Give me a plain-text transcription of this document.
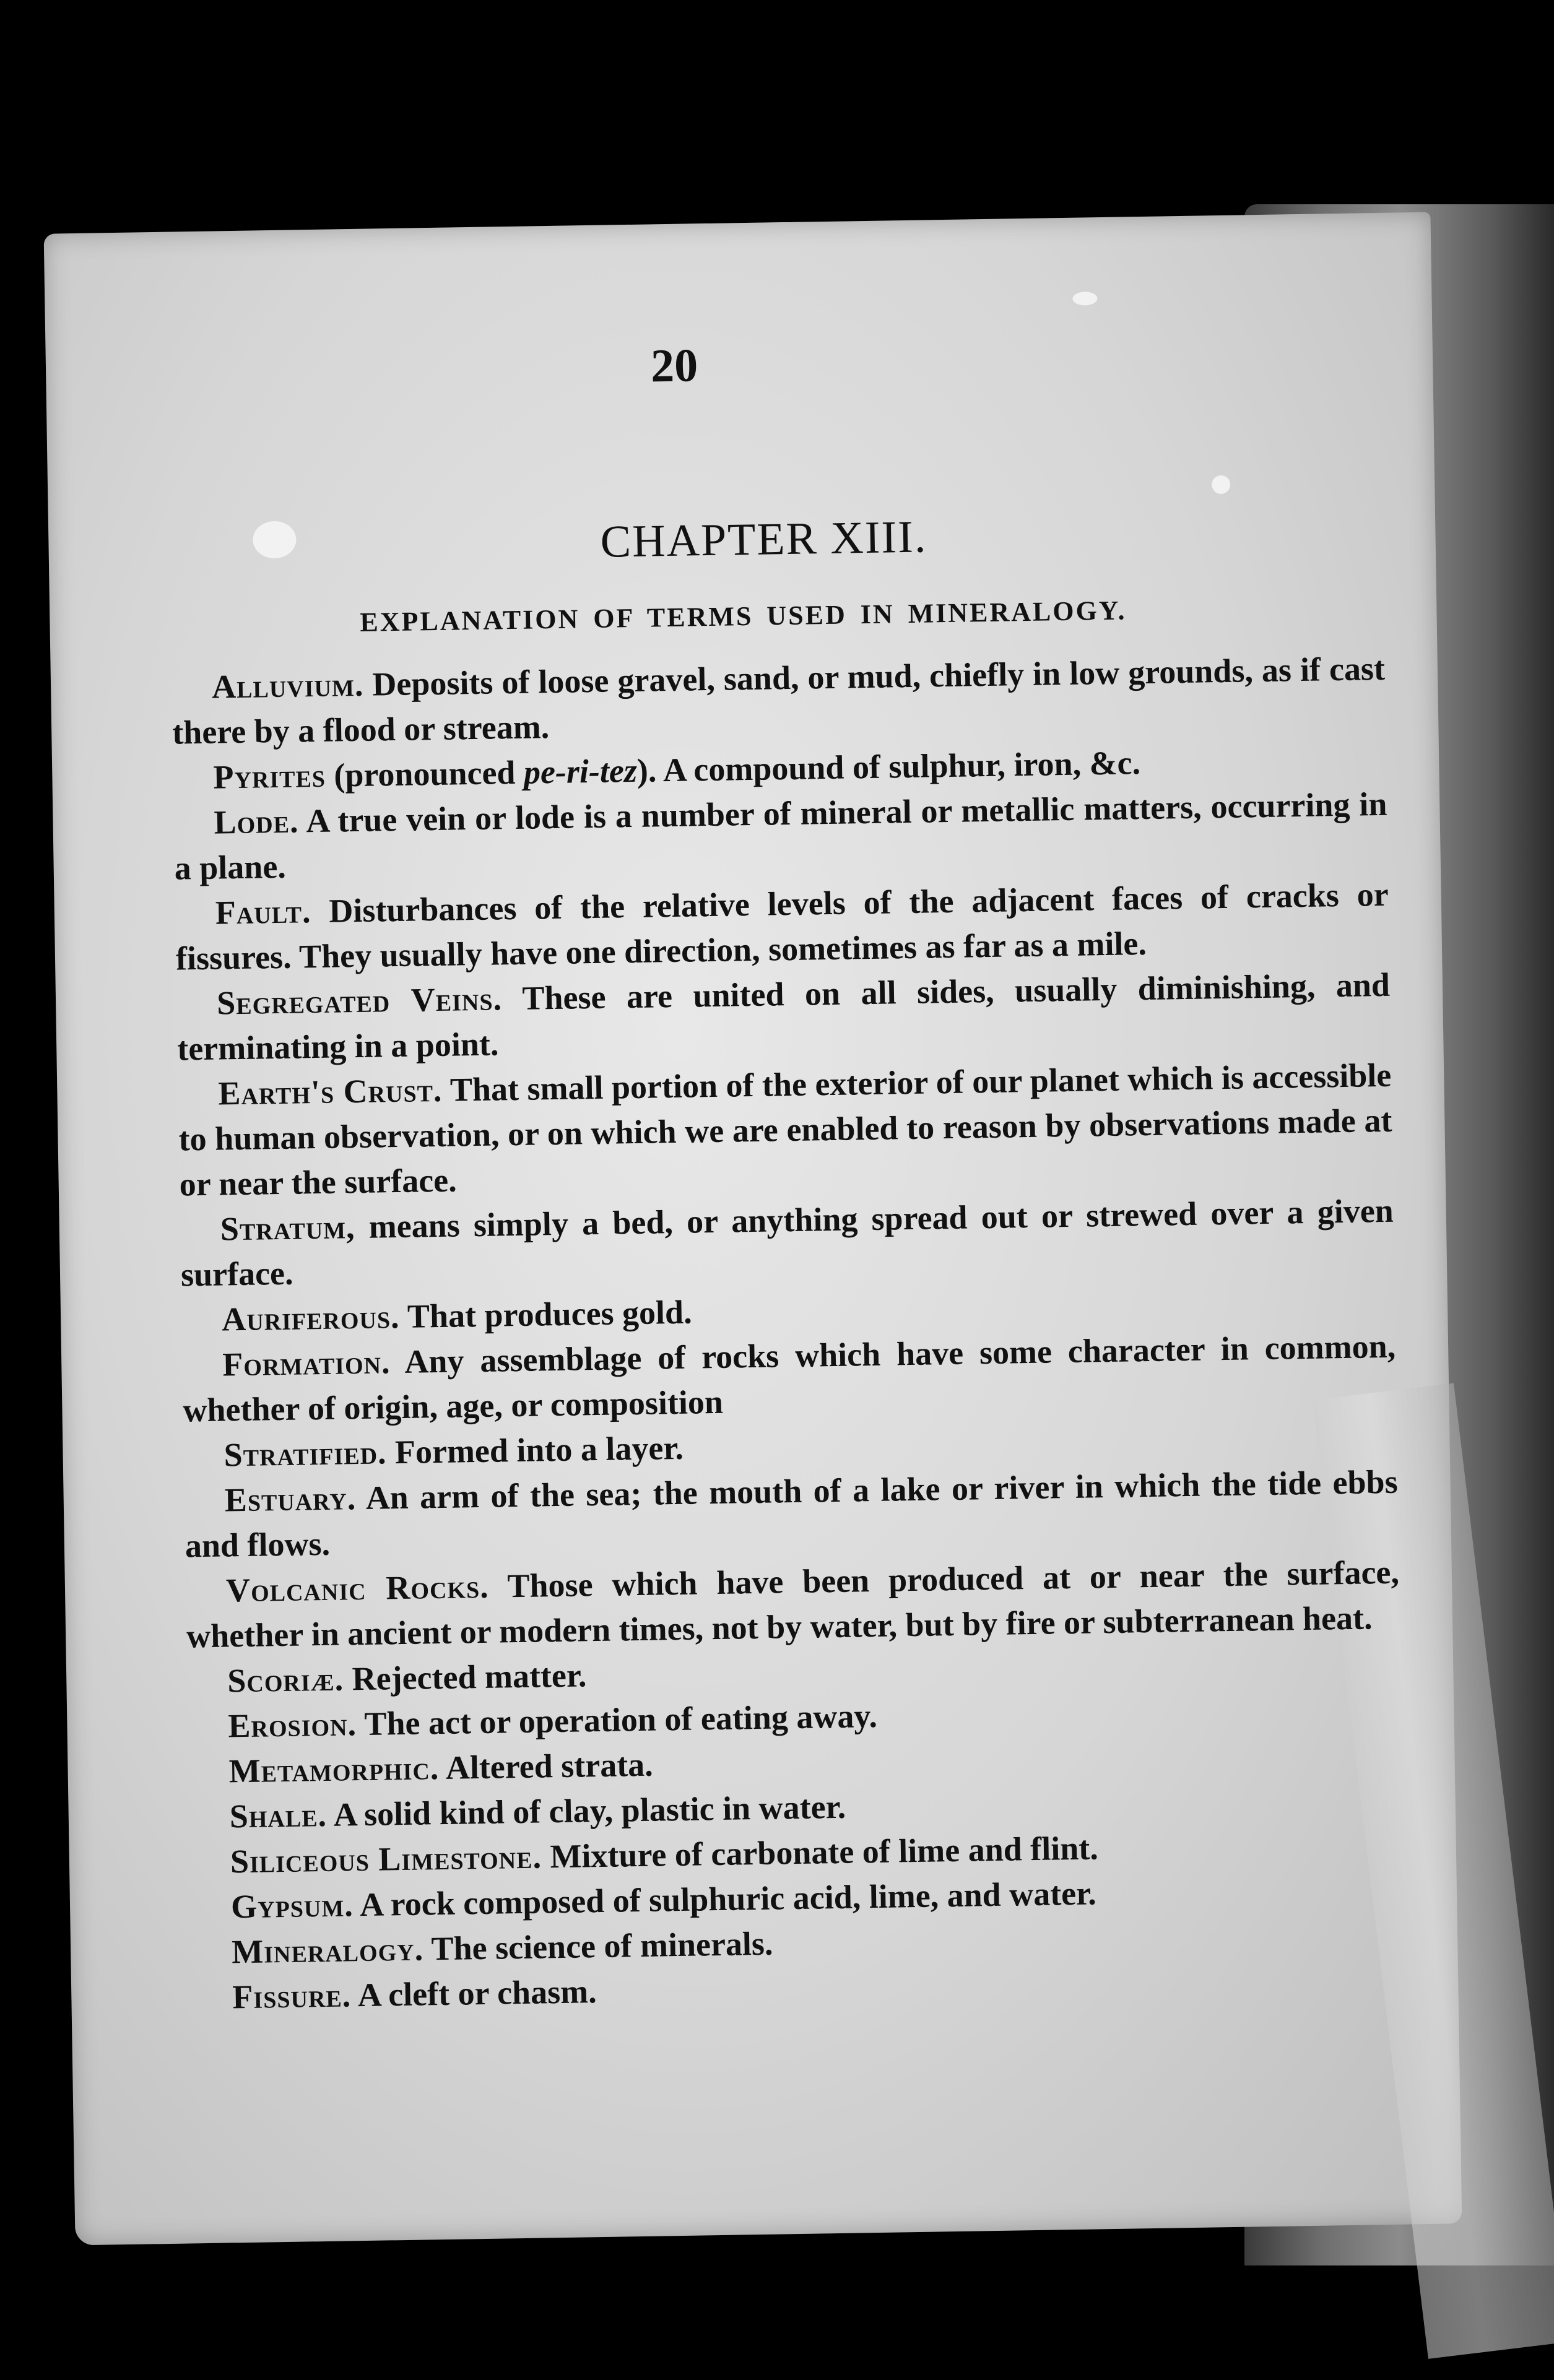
20
CHAPTER XIII.
EXPLANATION OF TERMS USED IN MINERALOGY.

Alluvium. Deposits of loose gravel, sand, or mud, chiefly in low grounds, as if cast there by a flood or stream.

Pyrites (pronounced pe-ri-tez). A compound of sulphur, iron, &c.

Lode. A true vein or lode is a number of mineral or metallic matters, occurring in a plane.

Fault. Disturbances of the relative levels of the adjacent faces of cracks or fissures. They usually have one direction, sometimes as far as a mile.

Segregated Veins. These are united on all sides, usually diminishing, and terminating in a point.

Earth's Crust. That small portion of the exterior of our planet which is accessible to human observation, or on which we are enabled to reason by observations made at or near the surface.

Stratum, means simply a bed, or anything spread out or strewed over a given surface.

Auriferous. That produces gold.

Formation. Any assemblage of rocks which have some character in common, whether of origin, age, or composition

Stratified. Formed into a layer.

Estuary. An arm of the sea; the mouth of a lake or river in which the tide ebbs and flows.

Volcanic Rocks. Those which have been produced at or near the surface, whether in ancient or modern times, not by water, but by fire or subterranean heat.

Scoriæ. Rejected matter.

Erosion. The act or operation of eating away.

Metamorphic. Altered strata.

Shale. A solid kind of clay, plastic in water.

Siliceous Limestone. Mixture of carbonate of lime and flint.

Gypsum. A rock composed of sulphuric acid, lime, and water.

Mineralogy. The science of minerals.

Fissure. A cleft or chasm.
